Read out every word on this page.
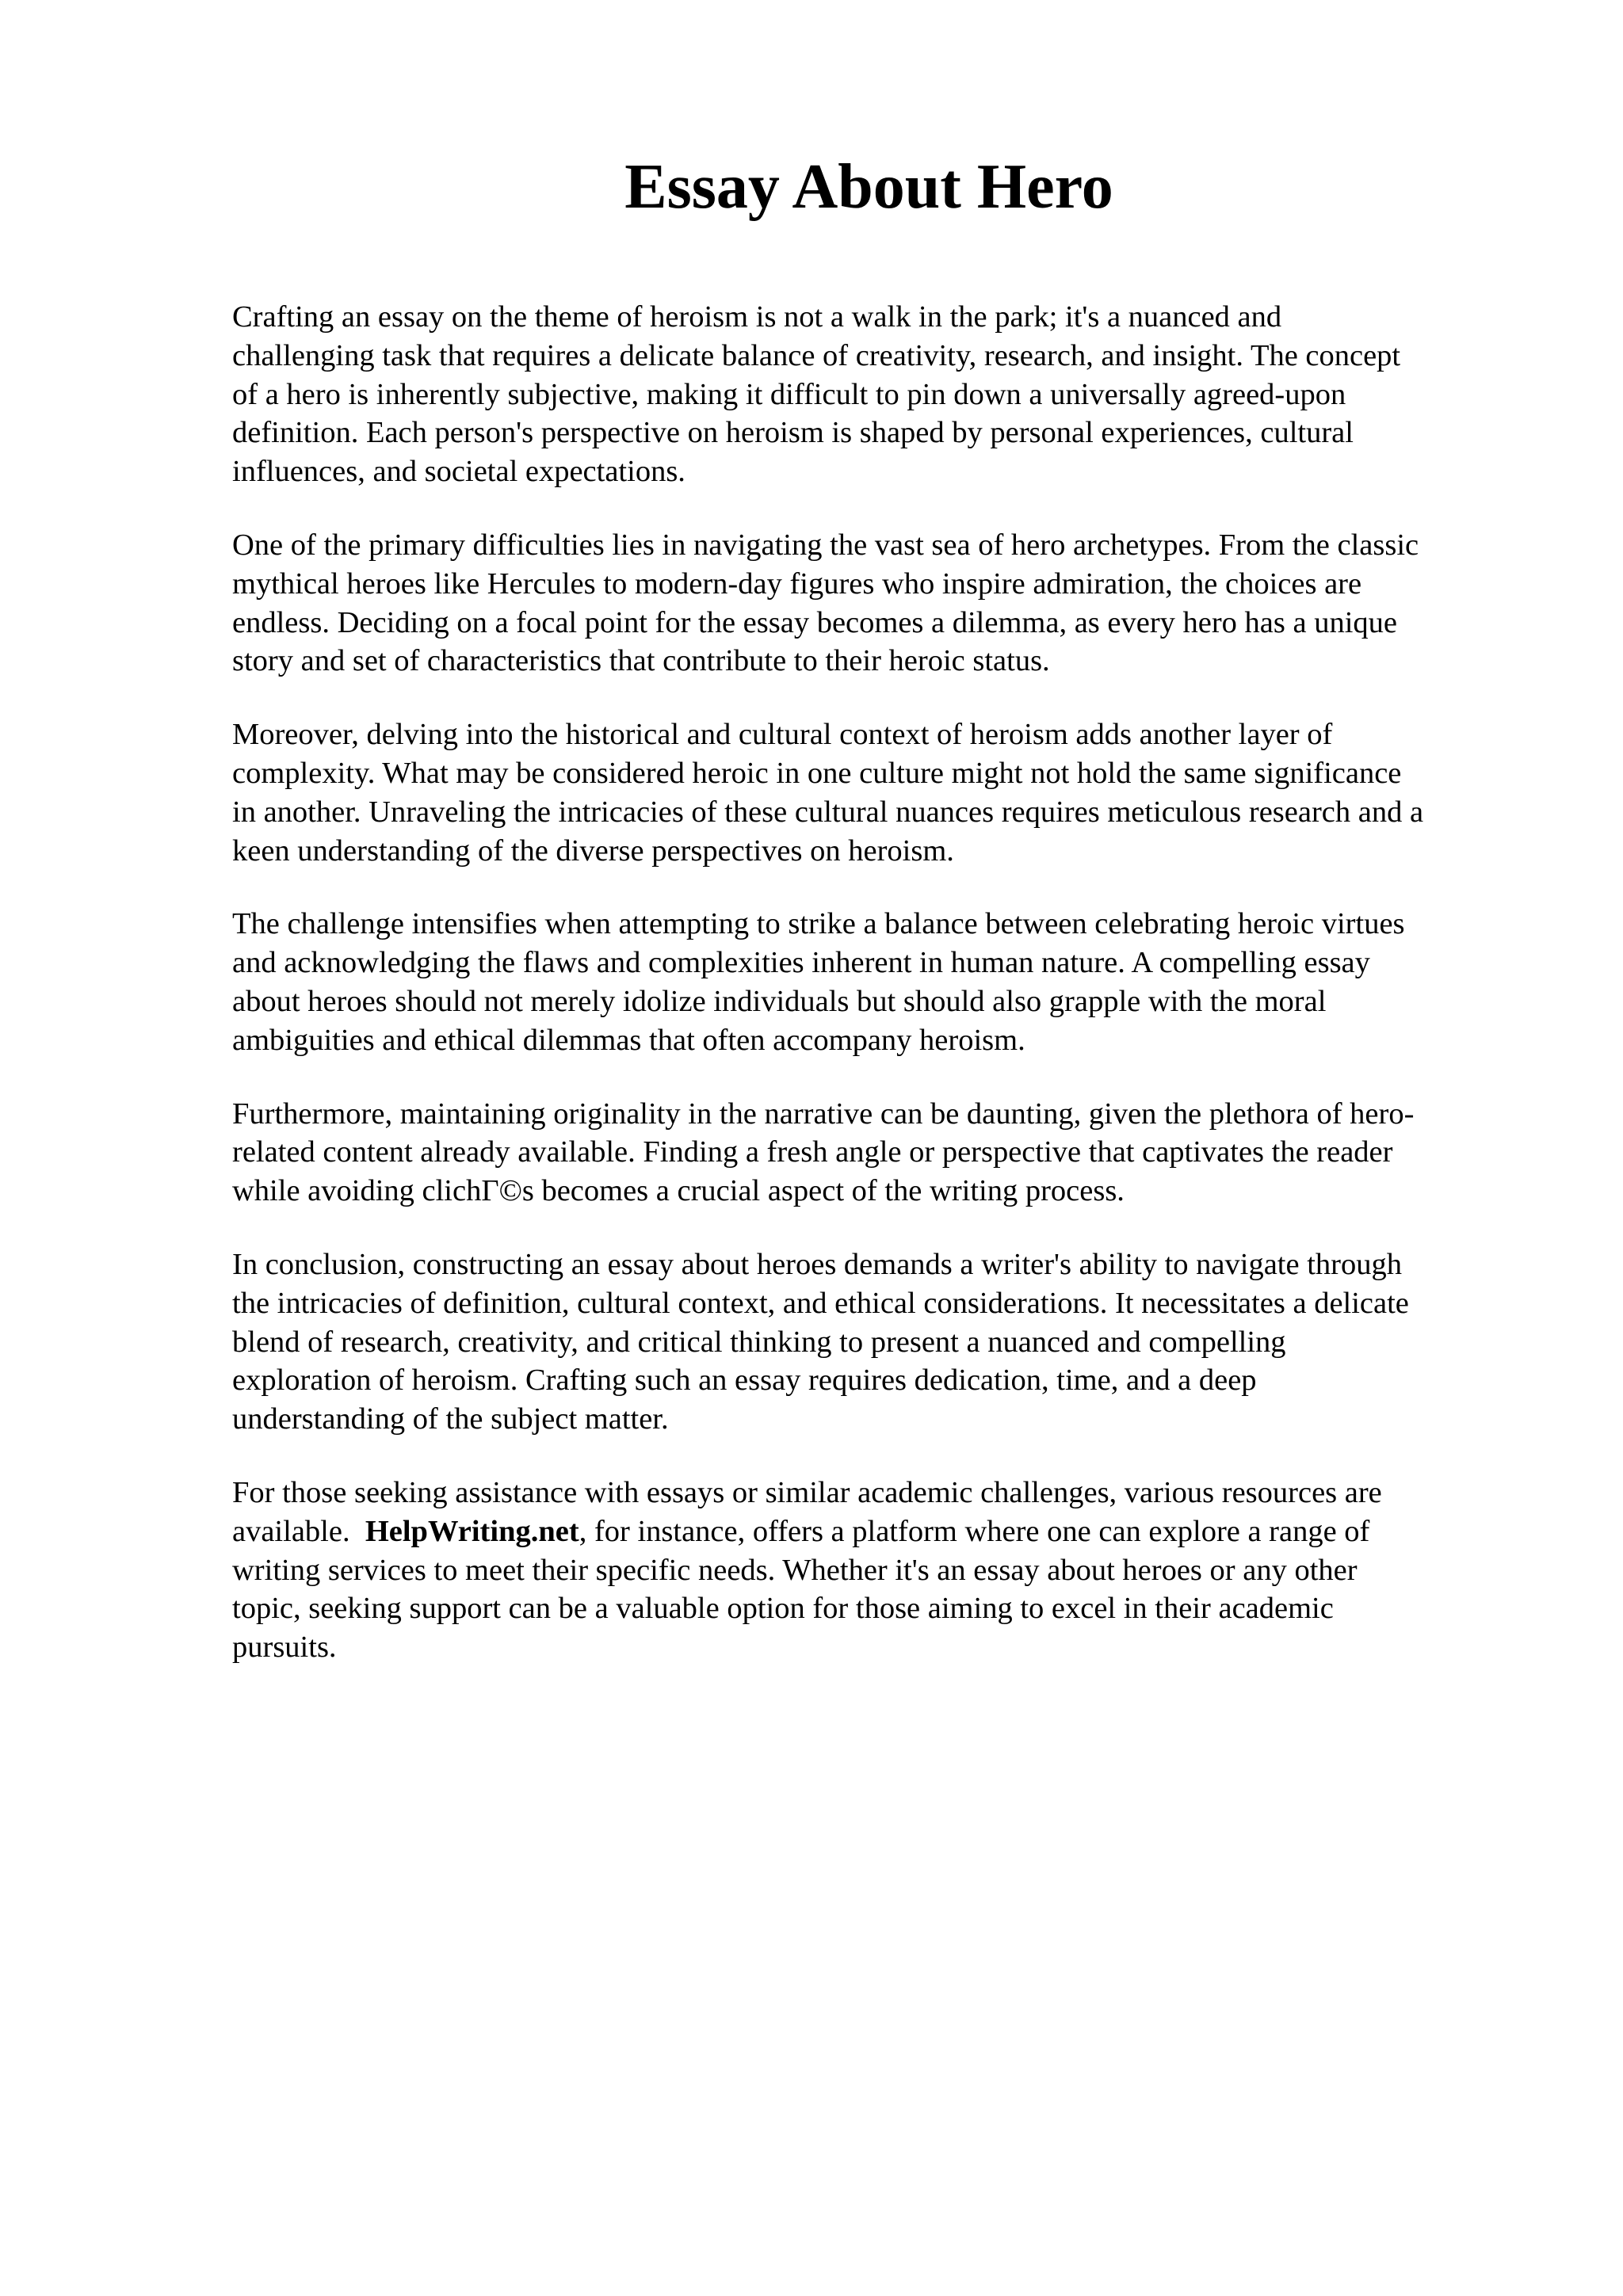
Essay About Hero

Crafting an essay on the theme of heroism is not a walk in the park; it's a nuanced and
challenging task that requires a delicate balance of creativity, research, and insight. The concept
of a hero is inherently subjective, making it difficult to pin down a universally agreed-upon
definition. Each person's perspective on heroism is shaped by personal experiences, cultural
influences, and societal expectations.

One of the primary difficulties lies in navigating the vast sea of hero archetypes. From the classic
mythical heroes like Hercules to modern-day figures who inspire admiration, the choices are
endless. Deciding on a focal point for the essay becomes a dilemma, as every hero has a unique
story and set of characteristics that contribute to their heroic status.

Moreover, delving into the historical and cultural context of heroism adds another layer of
complexity. What may be considered heroic in one culture might not hold the same significance
in another. Unraveling the intricacies of these cultural nuances requires meticulous research and a
keen understanding of the diverse perspectives on heroism.

The challenge intensifies when attempting to strike a balance between celebrating heroic virtues
and acknowledging the flaws and complexities inherent in human nature. A compelling essay
about heroes should not merely idolize individuals but should also grapple with the moral
ambiguities and ethical dilemmas that often accompany heroism.

Furthermore, maintaining originality in the narrative can be daunting, given the plethora of hero-
related content already available. Finding a fresh angle or perspective that captivates the reader
while avoiding clichΓ©s becomes a crucial aspect of the writing process.

In conclusion, constructing an essay about heroes demands a writer's ability to navigate through
the intricacies of definition, cultural context, and ethical considerations. It necessitates a delicate
blend of research, creativity, and critical thinking to present a nuanced and compelling
exploration of heroism. Crafting such an essay requires dedication, time, and a deep
understanding of the subject matter.

For those seeking assistance with essays or similar academic challenges, various resources are
available.  HelpWriting.net, for instance, offers a platform where one can explore a range of
writing services to meet their specific needs. Whether it's an essay about heroes or any other
topic, seeking support can be a valuable option for those aiming to excel in their academic
pursuits.
